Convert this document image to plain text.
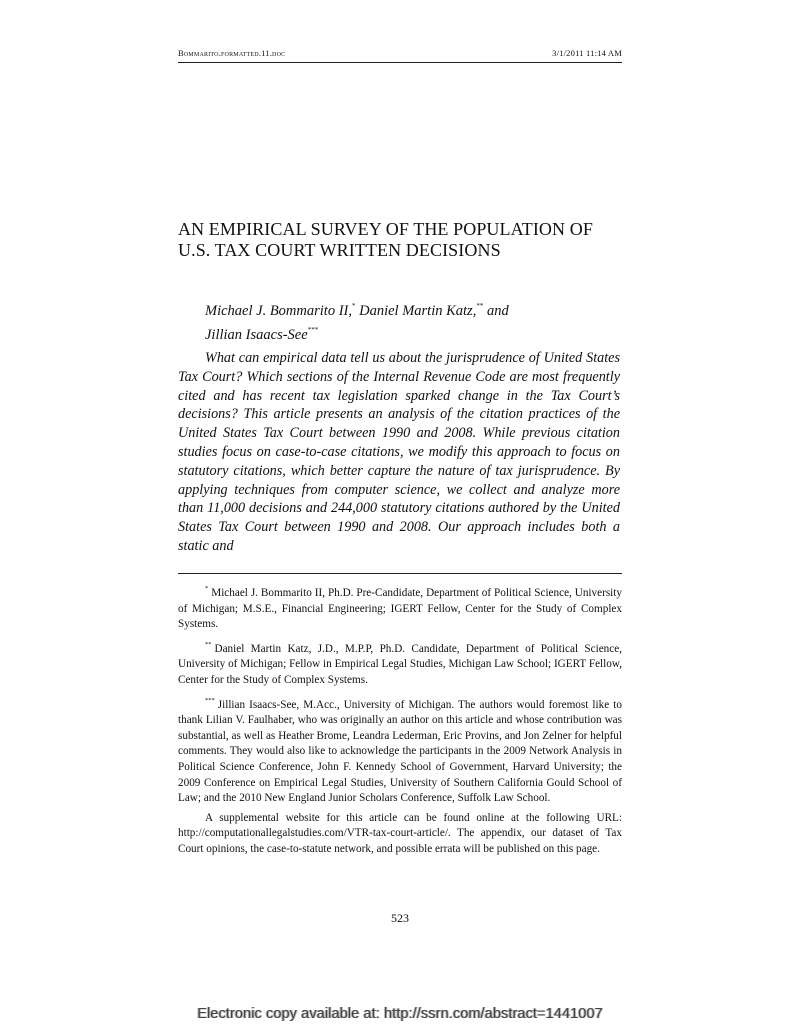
Bommarito.formatted.11.doc	3/1/2011 11:14 AM
AN EMPIRICAL SURVEY OF THE POPULATION OF U.S. TAX COURT WRITTEN DECISIONS
Michael J. Bommarito II,* Daniel Martin Katz,** and
Jillian Isaacs-See***

What can empirical data tell us about the jurisprudence of United States Tax Court? Which sections of the Internal Revenue Code are most frequently cited and has recent tax legislation sparked change in the Tax Court’s decisions? This article presents an analysis of the citation practices of the United States Tax Court between 1990 and 2008. While previous citation studies focus on case-to-case citations, we modify this approach to focus on statutory citations, which better capture the nature of tax jurisprudence. By applying techniques from computer science, we collect and analyze more than 11,000 decisions and 244,000 statutory citations authored by the United States Tax Court between 1990 and 2008. Our approach includes both a static and

* Michael J. Bommarito II, Ph.D. Pre-Candidate, Department of Political Science, University of Michigan; M.S.E., Financial Engineering; IGERT Fellow, Center for the Study of Complex Systems.

** Daniel Martin Katz, J.D., M.P.P, Ph.D. Candidate, Department of Political Science, University of Michigan; Fellow in Empirical Legal Studies, Michigan Law School; IGERT Fellow, Center for the Study of Complex Systems.

*** Jillian Isaacs-See, M.Acc., University of Michigan. The authors would foremost like to thank Lilian V. Faulhaber, who was originally an author on this article and whose contribution was substantial, as well as Heather Brome, Leandra Lederman, Eric Provins, and Jon Zelner for helpful comments. They would also like to acknowledge the participants in the 2009 Network Analysis in Political Science Conference, John F. Kennedy School of Government, Harvard University; the 2009 Conference on Empirical Legal Studies, University of Southern California Gould School of Law; and the 2010 New England Junior Scholars Conference, Suffolk Law School.

A supplemental website for this article can be found online at the following URL: http://computationallegalstudies.com/VTR-tax-court-article/. The appendix, our dataset of Tax Court opinions, the case-to-statute network, and possible errata will be published on this page.

523
Electronic copy available at: http://ssrn.com/abstract=1441007
